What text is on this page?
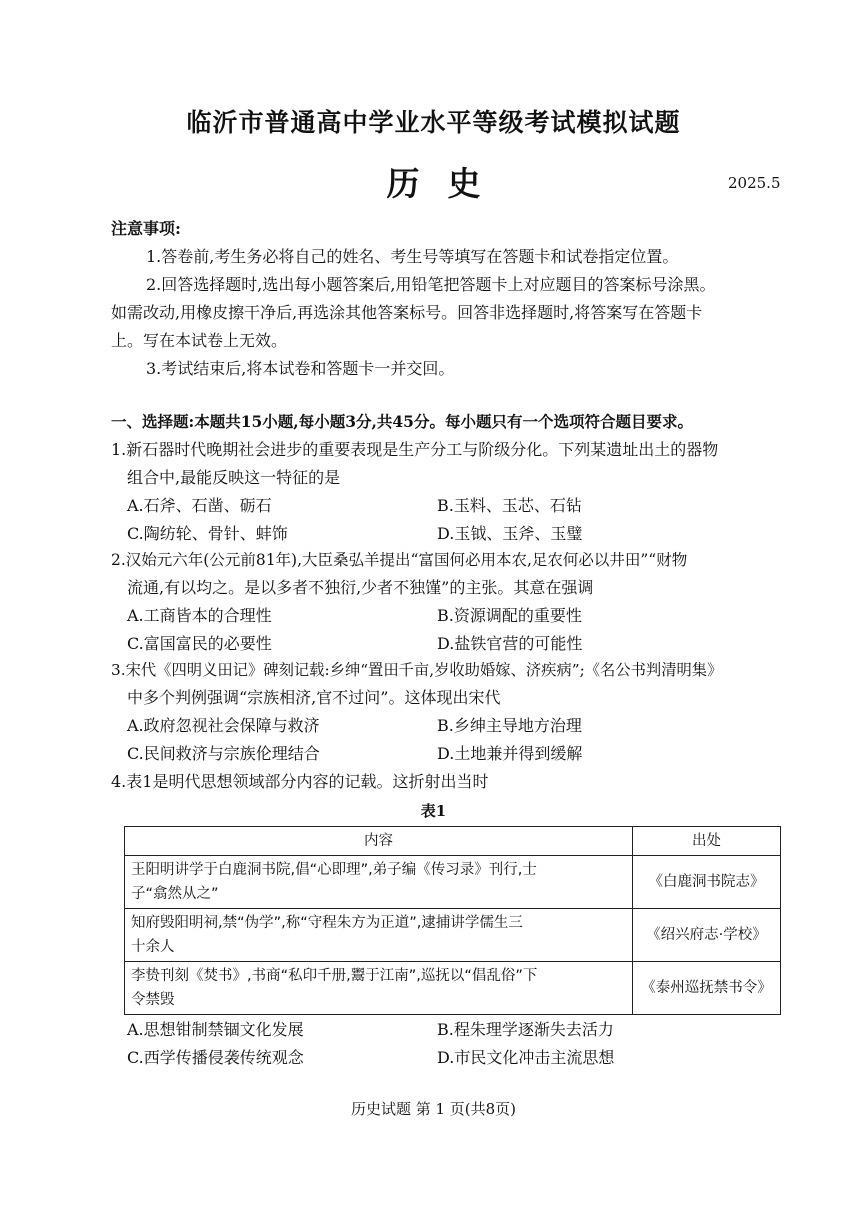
临沂市普通高中学业水平等级考试模拟试题
历史	2025.5
注意事项:
1.答卷前,考生务必将自己的姓名、考生号等填写在答题卡和试卷指定位置。
2.回答选择题时,选出每小题答案后,用铅笔把答题卡上对应题目的答案标号涂黑。
如需改动,用橡皮擦干净后,再选涂其他答案标号。回答非选择题时,将答案写在答题卡
上。写在本试卷上无效。
3.考试结束后,将本试卷和答题卡一并交回。
一、选择题:本题共15小题,每小题3分,共45分。每小题只有一个选项符合题目要求。
1.新石器时代晚期社会进步的重要表现是生产分工与阶级分化。下列某遗址出土的器物
组合中,最能反映这一特征的是
A.石斧、石凿、砺石	B.玉料、玉芯、石钻
C.陶纺轮、骨针、蚌饰	D.玉钺、玉斧、玉璧
2.汉始元六年(公元前81年),大臣桑弘羊提出“富国何必用本农,足农何必以井田”“财物
流通,有以均之。是以多者不独衍,少者不独馑”的主张。其意在强调
A.工商皆本的合理性	B.资源调配的重要性
C.富国富民的必要性	D.盐铁官营的可能性
3.宋代《四明义田记》碑刻记载:乡绅“置田千亩,岁收助婚嫁、济疾病”;《名公书判清明集》
中多个判例强调“宗族相济,官不过问”。这体现出宋代
A.政府忽视社会保障与救济	B.乡绅主导地方治理
C.民间救济与宗族伦理结合	D.土地兼并得到缓解
4.表1是明代思想领域部分内容的记载。这折射出当时
表1
内容	出处

王阳明讲学于白鹿洞书院,倡“心即理”,弟子编《传习录》刊行,士
子“翕然从之”	《白鹿洞书院志》

知府毁阳明祠,禁“伪学”,称“守程朱方为正道”,逮捕讲学儒生三
十余人	《绍兴府志·学校》

李贽刊刻《焚书》,书商“私印千册,鬻于江南”,巡抚以“倡乱俗”下
令禁毁	《泰州巡抚禁书令》
A.思想钳制禁锢文化发展	B.程朱理学逐渐失去活力
C.西学传播侵袭传统观念	D.市民文化冲击主流思想
历史试题 第 1 页(共8页)
